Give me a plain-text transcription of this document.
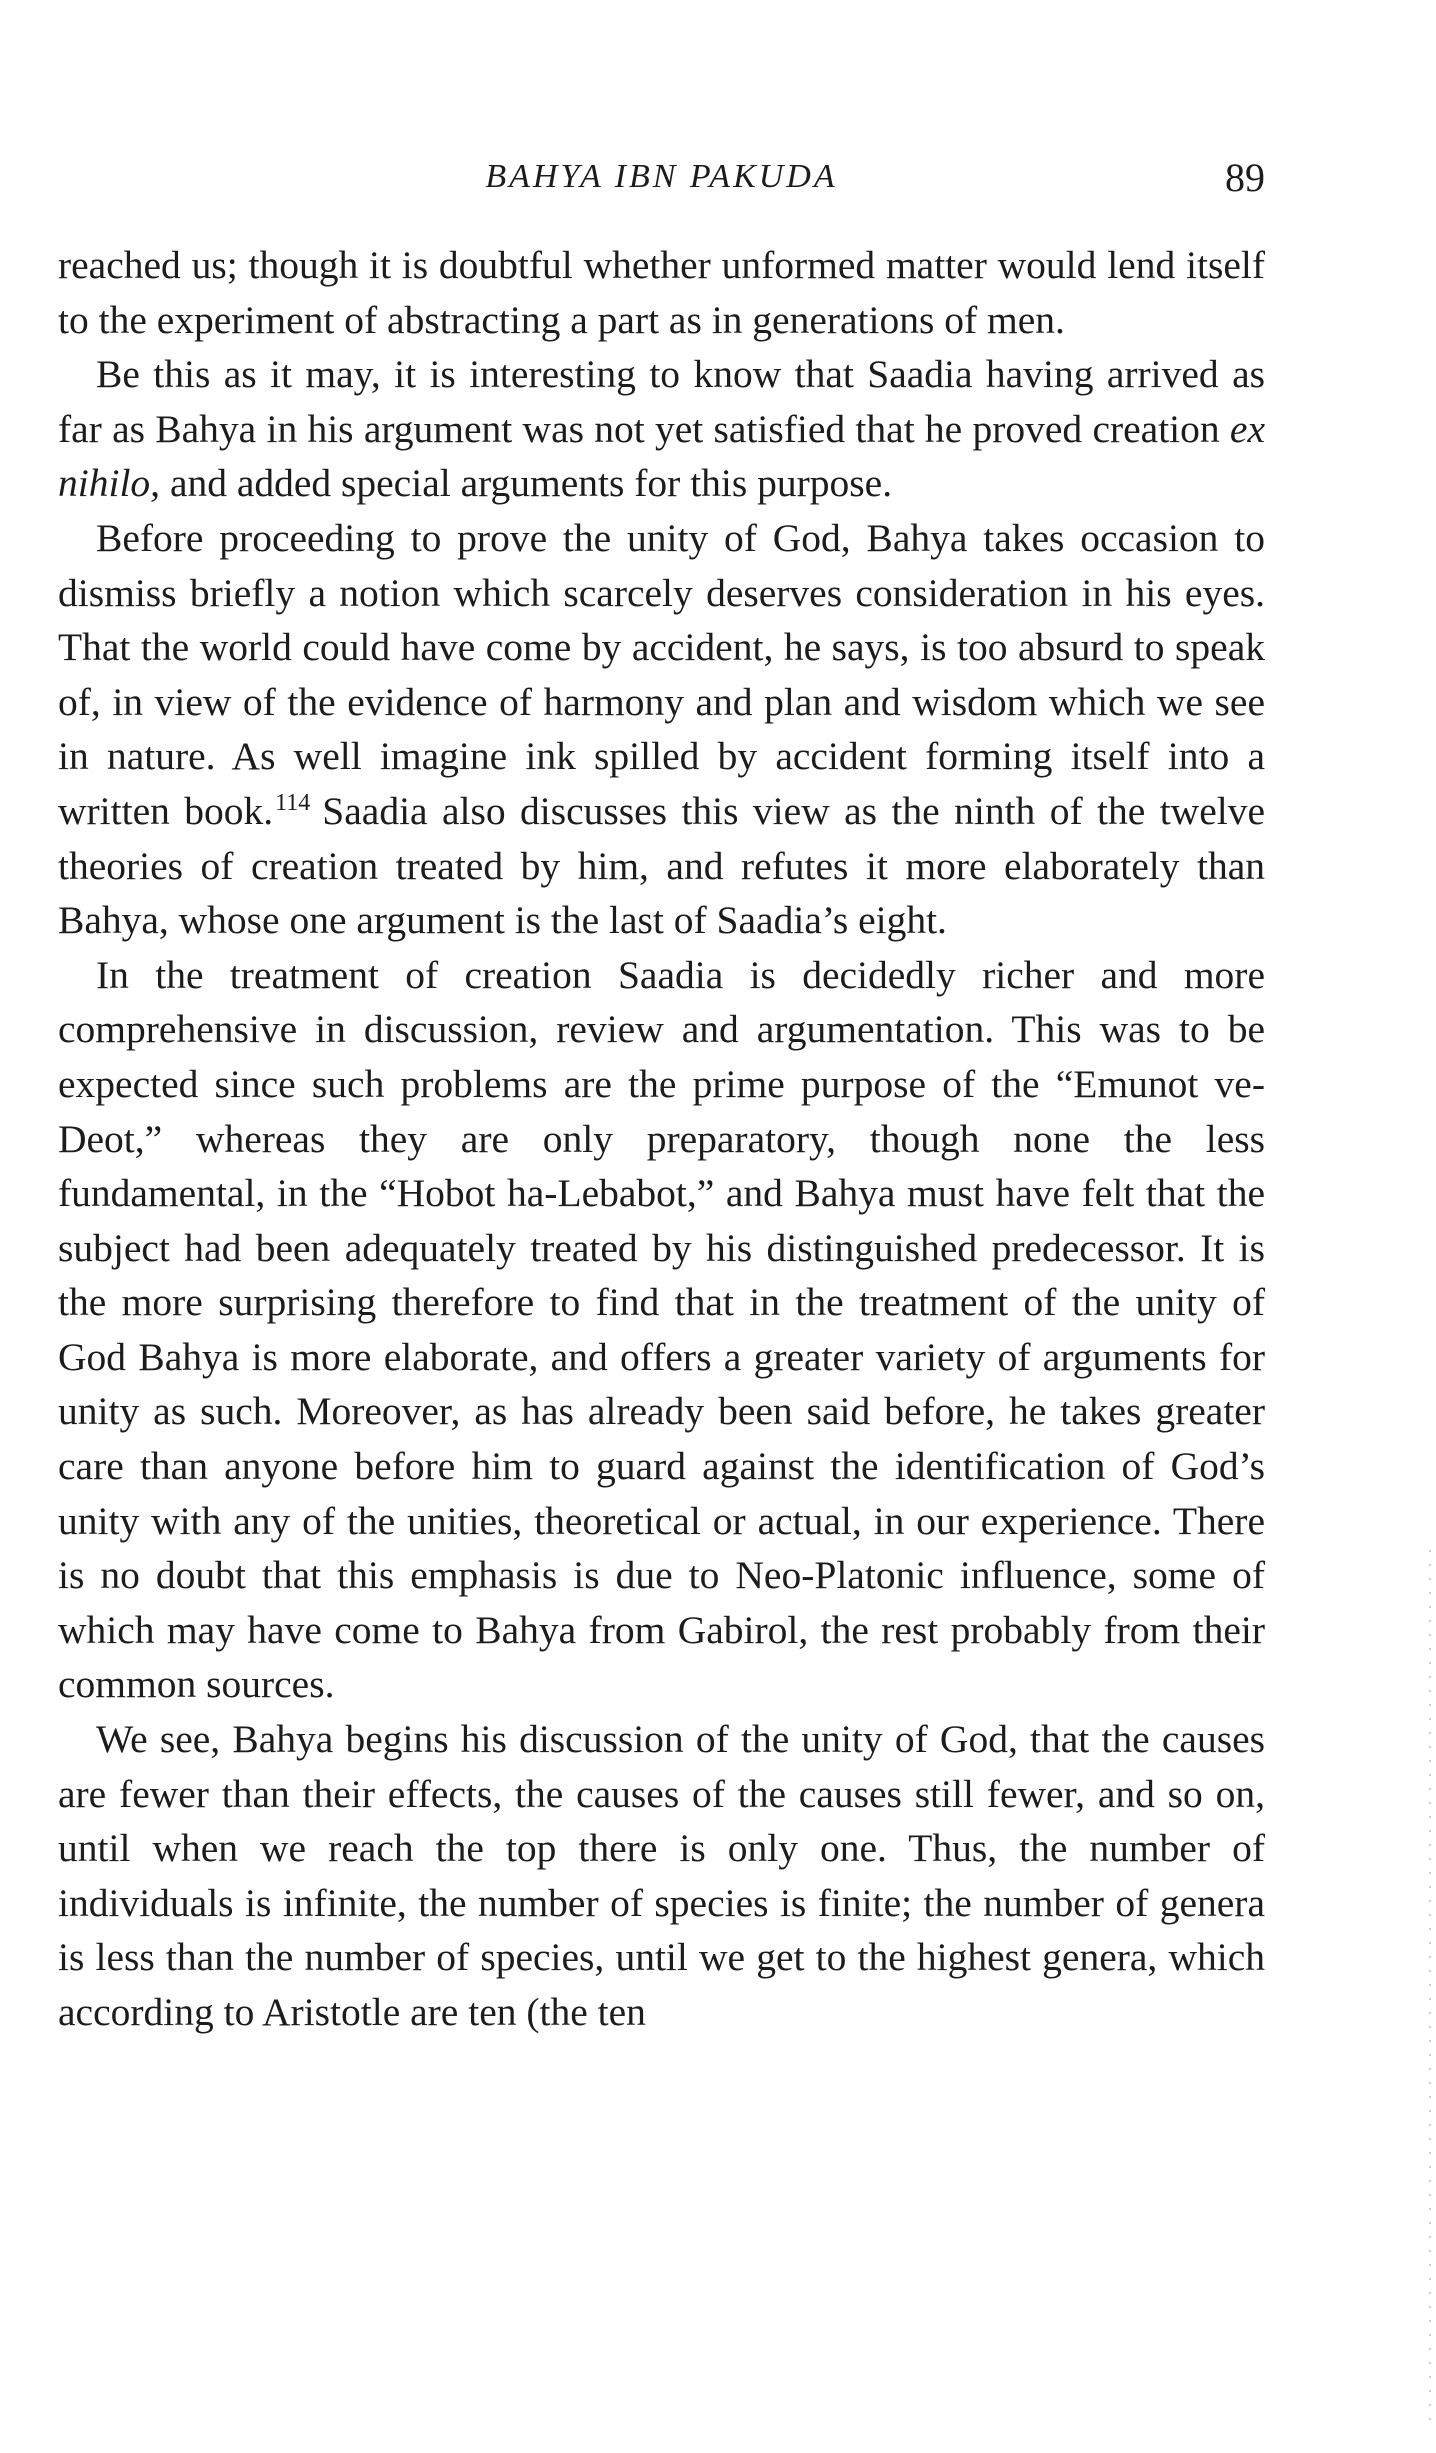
BAHYA IBN PAKUDA	89

reached us; though it is doubtful whether unformed matter would lend itself to the experiment of abstracting a part as in generations of men.

Be this as it may, it is interesting to know that Saadia having arrived as far as Bahya in his argument was not yet satisfied that he proved creation ex nihilo, and added special arguments for this purpose.

Before proceeding to prove the unity of God, Bahya takes occasion to dismiss briefly a notion which scarcely deserves consideration in his eyes. That the world could have come by accident, he says, is too absurd to speak of, in view of the evidence of harmony and plan and wisdom which we see in nature. As well imagine ink spilled by accident forming itself into a written book.$^{114}$ Saadia also discusses this view as the ninth of the twelve theories of creation treated by him, and refutes it more elaborately than Bahya, whose one argument is the last of Saadia’s eight.

In the treatment of creation Saadia is decidedly richer and more comprehensive in discussion, review and argumentation. This was to be expected since such problems are the prime purpose of the “Emunot ve-Deot,” whereas they are only preparatory, though none the less fundamental, in the “Hobot ha-Lebabot,” and Bahya must have felt that the subject had been adequately treated by his distinguished predecessor. It is the more surprising therefore to find that in the treatment of the unity of God Bahya is more elaborate, and offers a greater variety of arguments for unity as such. Moreover, as has already been said before, he takes greater care than anyone before him to guard against the identification of God’s unity with any of the unities, theoretical or actual, in our experience. There is no doubt that this emphasis is due to Neo-Platonic influence, some of which may have come to Bahya from Gabirol, the rest probably from their common sources.

We see, Bahya begins his discussion of the unity of God, that the causes are fewer than their effects, the causes of the causes still fewer, and so on, until when we reach the top there is only one. Thus, the number of individuals is infinite, the number of species is finite; the number of genera is less than the number of species, until we get to the highest genera, which according to Aristotle are ten (the ten
